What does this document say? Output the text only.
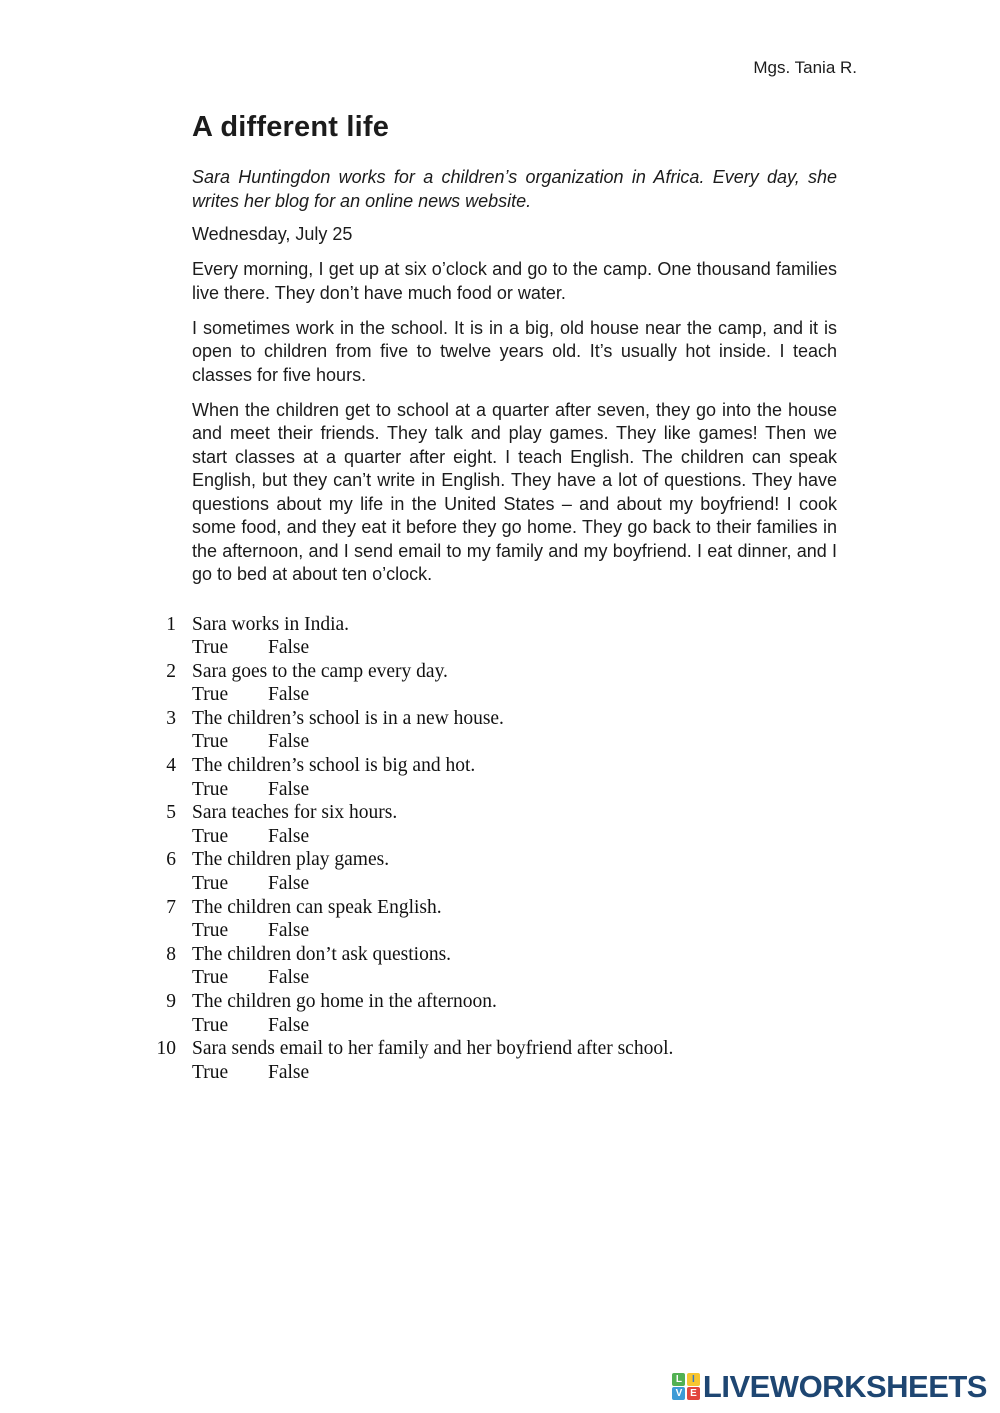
Mgs. Tania R.
A different life

Sara Huntingdon works for a children’s organization in Africa. Every day, she writes her blog for an online news website.

Wednesday, July 25

Every morning, I get up at six o’clock and go to the camp. One thousand families live there. They don’t have much food or water.

I sometimes work in the school. It is in a big, old house near the camp, and it is open to children from five to twelve years old. It’s usually hot inside. I teach classes for five hours.

When the children get to school at a quarter after seven, they go into the house and meet their friends. They talk and play games. They like games! Then we start classes at a quarter after eight. I teach English. The children can speak English, but they can’t write in English. They have a lot of questions. They have questions about my life in the United States – and about my boyfriend! I cook some food, and they eat it before they go home. They go back to their families in the afternoon, and I send email to my family and my boyfriend. I eat dinner, and I go to bed at about ten o’clock.

1 Sara works in India.
True False
2 Sara goes to the camp every day.
True False
3 The children’s school is in a new house.
True False
4 The children’s school is big and hot.
True False
5 Sara teaches for six hours.
True False
6 The children play games.
True False
7 The children can speak English.
True False
8 The children don’t ask questions.
True False
9 The children go home in the afternoon.
True False
10 Sara sends email to her family and her boyfriend after school.
True False
L	I
V E LIVEWORKSHEETS
